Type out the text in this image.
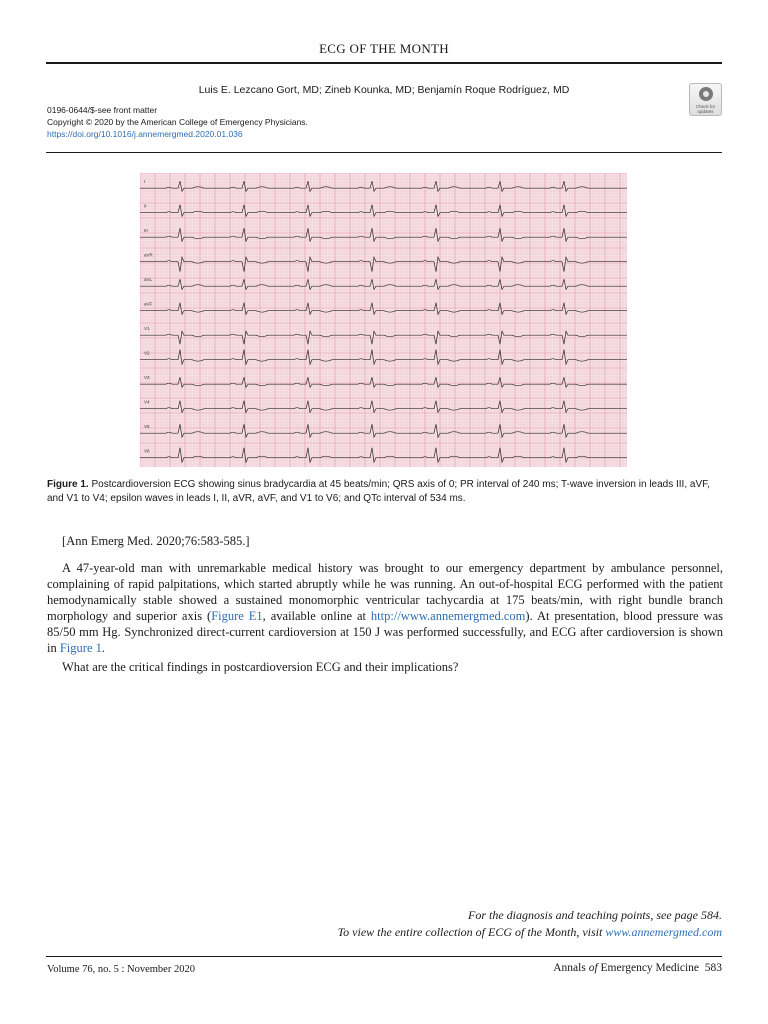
ECG OF THE MONTH
Luis E. Lezcano Gort, MD; Zineb Kounka, MD; Benjamín Roque Rodríguez, MD
0196-0644/$-see front matter
Copyright © 2020 by the American College of Emergency Physicians.
https://doi.org/10.1016/j.annemergmed.2020.01.036
Check for
updates
I
II
III
aVR
aVL
aVF
V1
V2
V3
V4
V5
V6
Figure 1. Postcardioversion ECG showing sinus bradycardia at 45 beats/min; QRS axis of 0; PR interval of 240 ms; T-wave inversion in leads III, aVF, and V1 to V4; epsilon waves in leads I, II, aVR, aVF, and V1 to V6; and QTc interval of 534 ms.
[Ann Emerg Med. 2020;76:583-585.]

A 47-year-old man with unremarkable medical history was brought to our emergency department by ambulance personnel, complaining of rapid palpitations, which started abruptly while he was running. An out-of-hospital ECG performed with the patient hemodynamically stable showed a sustained monomorphic ventricular tachycardia at 175 beats/min, with right bundle branch morphology and superior axis (Figure E1, available online at http://www.annemergmed.com). At presentation, blood pressure was 85/50 mm Hg. Synchronized direct-current cardioversion at 150 J was performed successfully, and ECG after cardioversion is shown in Figure 1.

What are the critical findings in postcardioversion ECG and their implications?
For the diagnosis and teaching points, see page 584.
To view the entire collection of ECG of the Month, visit www.annemergmed.com
Volume 76, no. 5 : November 2020	Annals of Emergency Medicine 583
